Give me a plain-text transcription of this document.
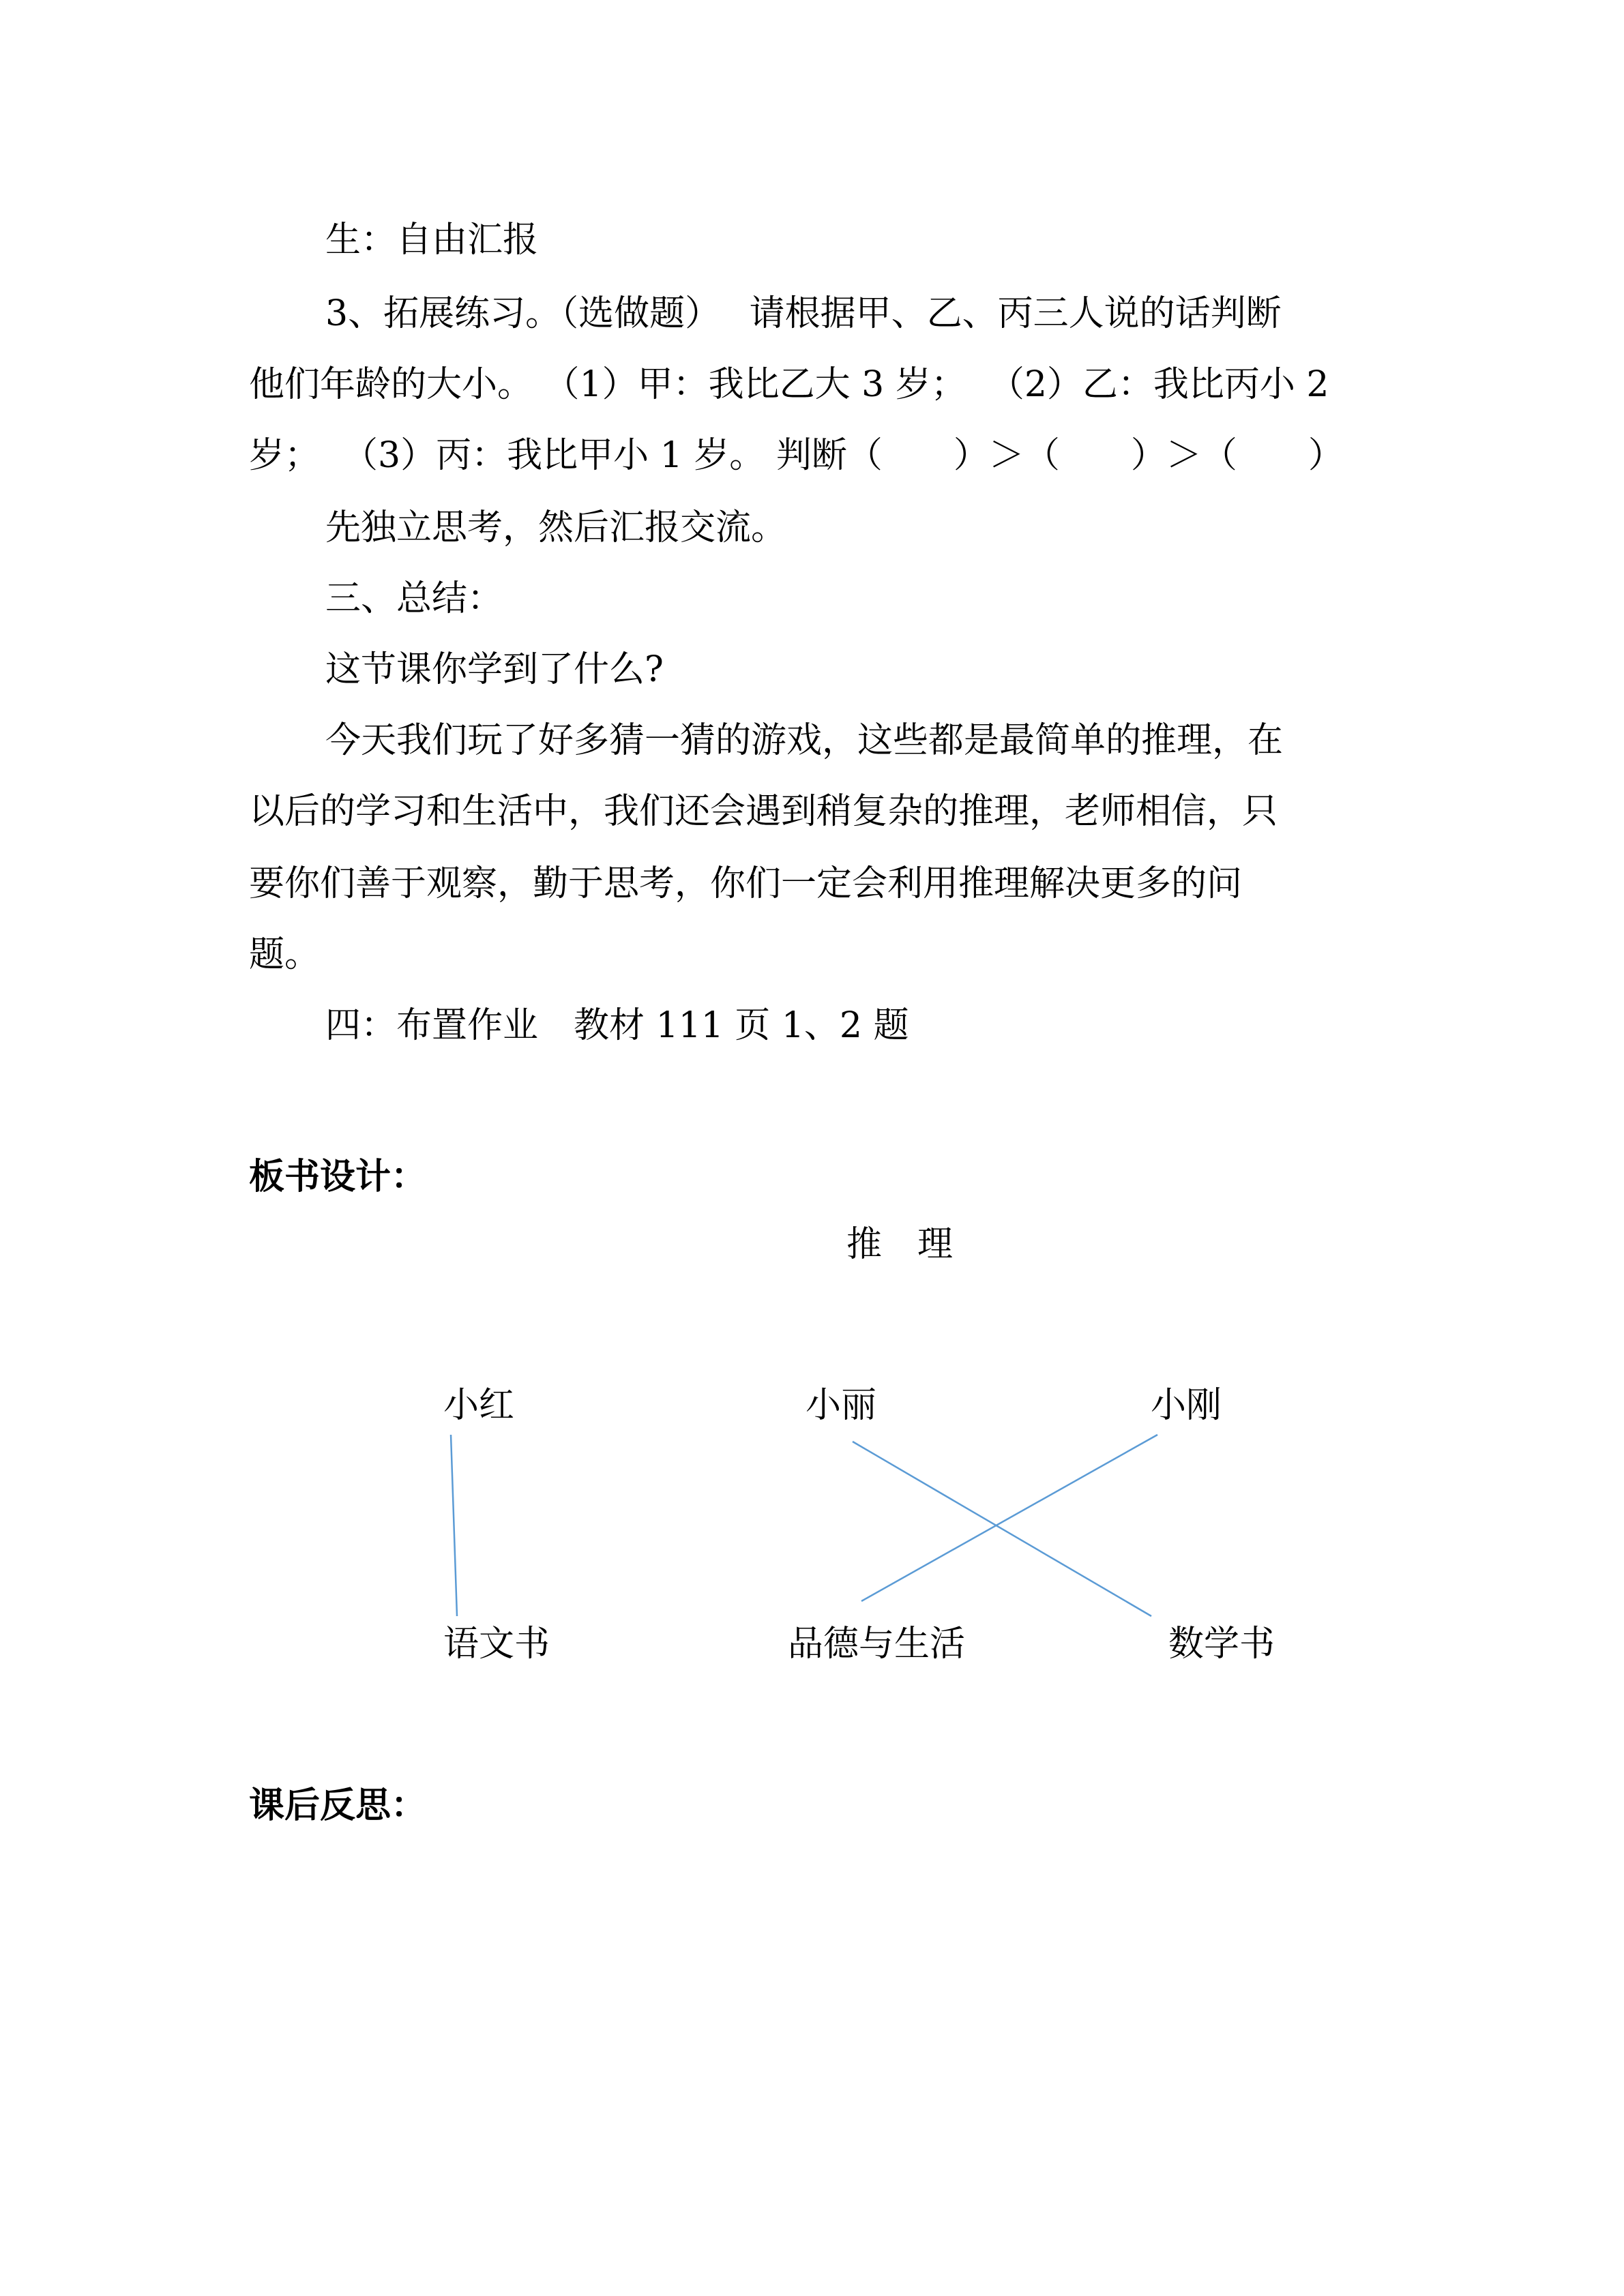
生：自由汇报
3、拓展练习。（选做题）　 请根据甲、乙、丙三人说的话判断
他们年龄的大小。 （1）甲：我比乙大 3 岁；  （2）乙：我比丙小 2
岁；  （3）丙：我比甲小 1 岁。 判断（　　）＞（　　）＞（　　）
先独立思考，然后汇报交流。
三、总结：
这节课你学到了什么?
今天我们玩了好多猜一猜的游戏，这些都是最简单的推理，在
以后的学习和生活中，我们还会遇到稍复杂的推理，老师相信，只
要你们善于观察，勤于思考，你们一定会利用推理解决更多的问
题。
四：布置作业　教材 111 页 1、2 题
板书设计：
推　理
小红	小丽	小刚
语文书	品德与生活	数学书
课后反思：
